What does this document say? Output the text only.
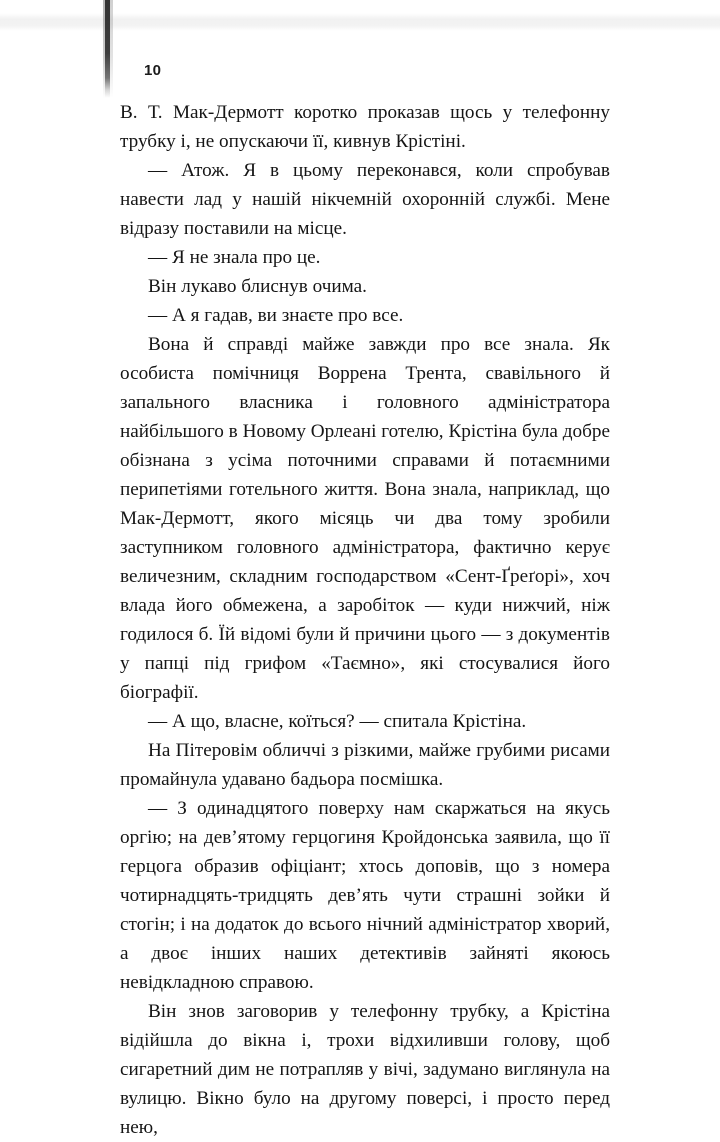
10

В. Т. Мак-Дермотт коротко проказав щось у телефонну трубку і, не опускаючи її, кивнув Крістіні.

— Атож. Я в цьому переконався, коли спробував навести лад у нашій нікчемній охоронній службі. Мене відразу поставили на місце.

— Я не знала про це.

Він лукаво блиснув очима.

— А я гадав, ви знаєте про все.

Вона й справді майже завжди про все знала. Як особиста помічниця Воррена Трента, свавільного й запального власника і головного адміністратора найбільшого в Новому Орлеані готелю, Крістіна була добре обізнана з усіма поточними справами й потаємними перипетіями готельного життя. Вона знала, наприклад, що Мак-Дермотт, якого місяць чи два тому зробили заступником головного адміністратора, фактично керує величезним, складним господарством «Сент-Ґреґорі», хоч влада його обмежена, а заробіток — куди нижчий, ніж годилося б. Їй відомі були й причини цього — з документів у папці під грифом «Таємно», які стосувалися його біографії.

— А що, власне, коїться? — спитала Крістіна.

На Пітеровім обличчі з різкими, майже грубими рисами промайнула удавано бадьора посмішка.

— З одинадцятого поверху нам скаржаться на якусь оргію; на дев’ятому герцогиня Кройдонська заявила, що її герцога образив офіціант; хтось доповів, що з номера чотирнадцять-тридцять дев’ять чути страшні зойки й стогін; і на додаток до всього нічний адміністратор хворий, а двоє інших наших детективів зайняті якоюсь невідкладною справою.

Він знов заговорив у телефонну трубку, а Крістіна відійшла до вікна і, трохи відхиливши голову, щоб сигаретний дим не потрапляв у вічі, задумано виглянула на вулицю. Вікно було на другому поверсі, і просто перед нею,
